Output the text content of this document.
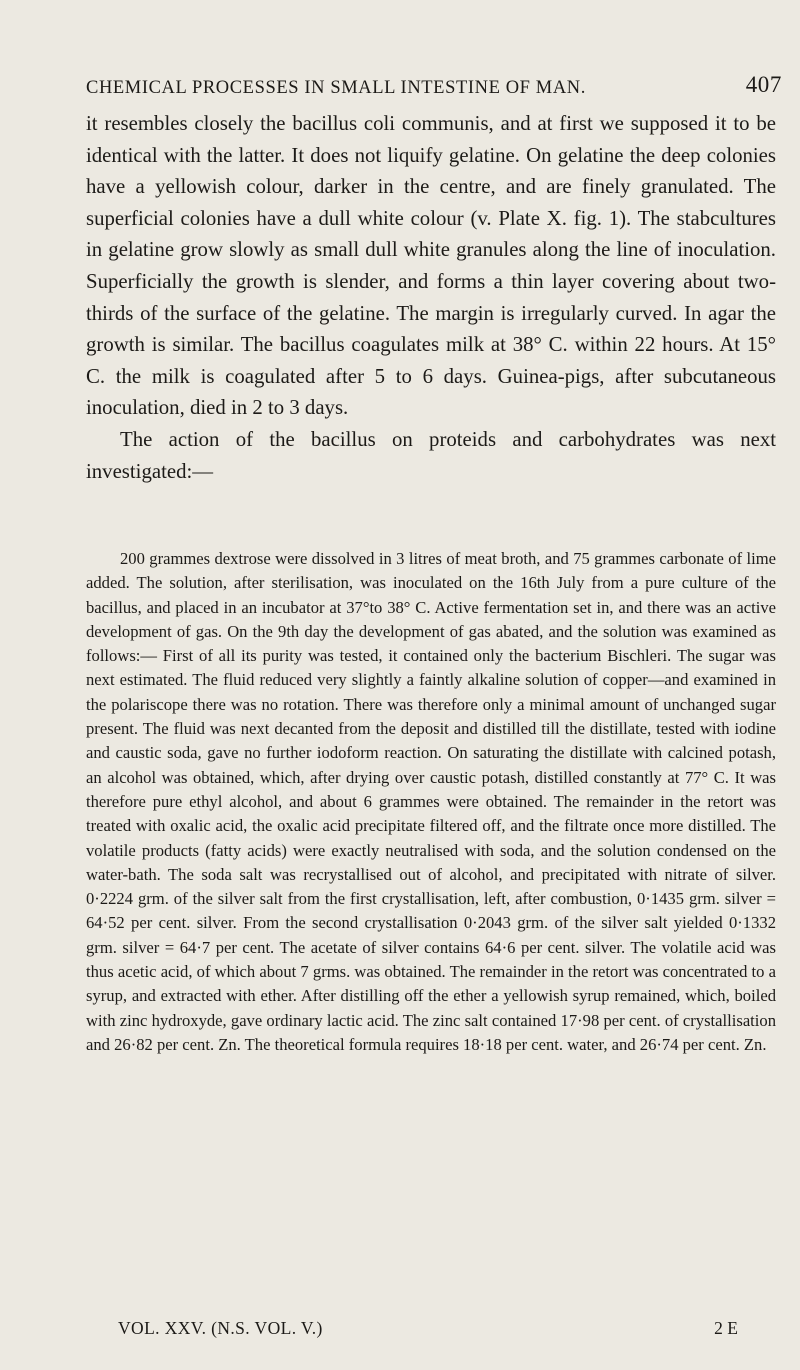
CHEMICAL PROCESSES IN SMALL INTESTINE OF MAN.	407

it resembles closely the bacillus coli communis, and at first we supposed it to be identical with the latter. It does not liquify gelatine. On gelatine the deep colonies have a yellowish colour, darker in the centre, and are finely granulated. The superficial colonies have a dull white colour (v. Plate X. fig. 1). The stabcultures in gelatine grow slowly as small dull white granules along the line of inoculation. Superficially the growth is slender, and forms a thin layer covering about two-thirds of the surface of the gelatine. The margin is irregularly curved. In agar the growth is similar. The bacillus coagulates milk at 38° C. within 22 hours. At 15° C. the milk is coagulated after 5 to 6 days. Guinea-pigs, after subcutaneous inoculation, died in 2 to 3 days.

The action of the bacillus on proteids and carbohydrates was next investigated:—

200 grammes dextrose were dissolved in 3 litres of meat broth, and 75 grammes carbonate of lime added. The solution, after sterilisation, was inoculated on the 16th July from a pure culture of the bacillus, and placed in an incubator at 37°to 38° C. Active fermentation set in, and there was an active development of gas. On the 9th day the development of gas abated, and the solution was examined as follows:— First of all its purity was tested, it contained only the bacterium Bischleri. The sugar was next estimated. The fluid reduced very slightly a faintly alkaline solution of copper—and examined in the polariscope there was no rotation. There was therefore only a minimal amount of unchanged sugar present. The fluid was next decanted from the deposit and distilled till the distillate, tested with iodine and caustic soda, gave no further iodoform reaction. On saturating the distillate with calcined potash, an alcohol was obtained, which, after drying over caustic potash, distilled constantly at 77° C. It was therefore pure ethyl alcohol, and about 6 grammes were obtained. The remainder in the retort was treated with oxalic acid, the oxalic acid precipitate filtered off, and the filtrate once more distilled. The volatile products (fatty acids) were exactly neutralised with soda, and the solution condensed on the water-bath. The soda salt was recrystallised out of alcohol, and precipitated with nitrate of silver. 0·2224 grm. of the silver salt from the first crystallisation, left, after combustion, 0·1435 grm. silver = 64·52 per cent. silver. From the second crystallisation 0·2043 grm. of the silver salt yielded 0·1332 grm. silver = 64·7 per cent. The acetate of silver contains 64·6 per cent. silver. The volatile acid was thus acetic acid, of which about 7 grms. was obtained. The remainder in the retort was concentrated to a syrup, and extracted with ether. After distilling off the ether a yellowish syrup remained, which, boiled with zinc hydroxyde, gave ordinary lactic acid. The zinc salt contained 17·98 per cent. of crystallisation and 26·82 per cent. Zn. The theoretical formula requires 18·18 per cent. water, and 26·74 per cent. Zn.

VOL. XXV. (N.S. VOL. V.)	2 E
